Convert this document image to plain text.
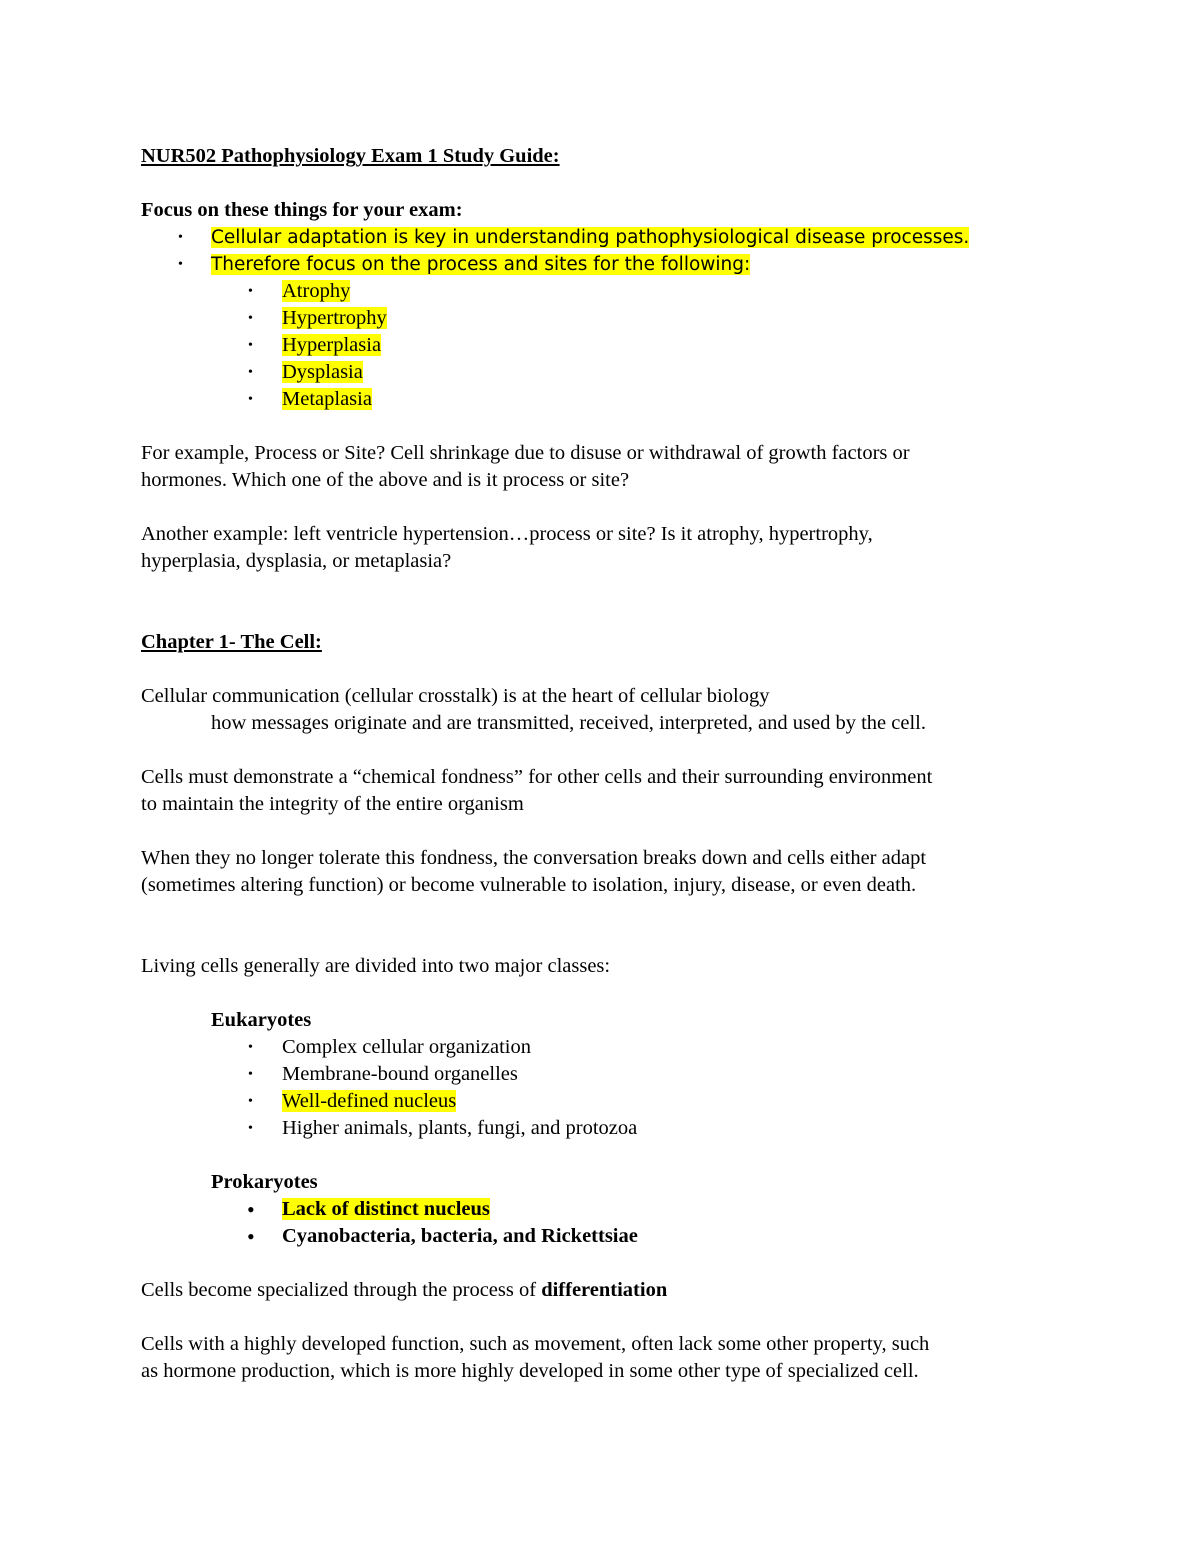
NUR502 Pathophysiology Exam 1 Study Guide:

Focus on these things for your exam:

• Cellular adaptation is key in understanding pathophysiological disease processes.
• Therefore focus on the process and sites for the following:
• Atrophy
• Hypertrophy
• Hyperplasia
• Dysplasia
• Metaplasia

For example, Process or Site? Cell shrinkage due to disuse or withdrawal of growth factors or

hormones. Which one of the above and is it process or site?

Another example: left ventricle hypertension…process or site? Is it atrophy, hypertrophy,

hyperplasia, dysplasia, or metaplasia?

Chapter 1- The Cell:

Cellular communication (cellular crosstalk) is at the heart of cellular biology

how messages originate and are transmitted, received, interpreted, and used by the cell.

Cells must demonstrate a “chemical fondness” for other cells and their surrounding environment

to maintain the integrity of the entire organism

When they no longer tolerate this fondness, the conversation breaks down and cells either adapt

(sometimes altering function) or become vulnerable to isolation, injury, disease, or even death.

Living cells generally are divided into two major classes:

Eukaryotes

• Complex cellular organization
• Membrane-bound organelles
• Well-defined nucleus
• Higher animals, plants, fungi, and protozoa

Prokaryotes

• Lack of distinct nucleus
• Cyanobacteria, bacteria, and Rickettsiae

Cells become specialized through the process of differentiation

Cells with a highly developed function, such as movement, often lack some other property, such

as hormone production, which is more highly developed in some other type of specialized cell.
